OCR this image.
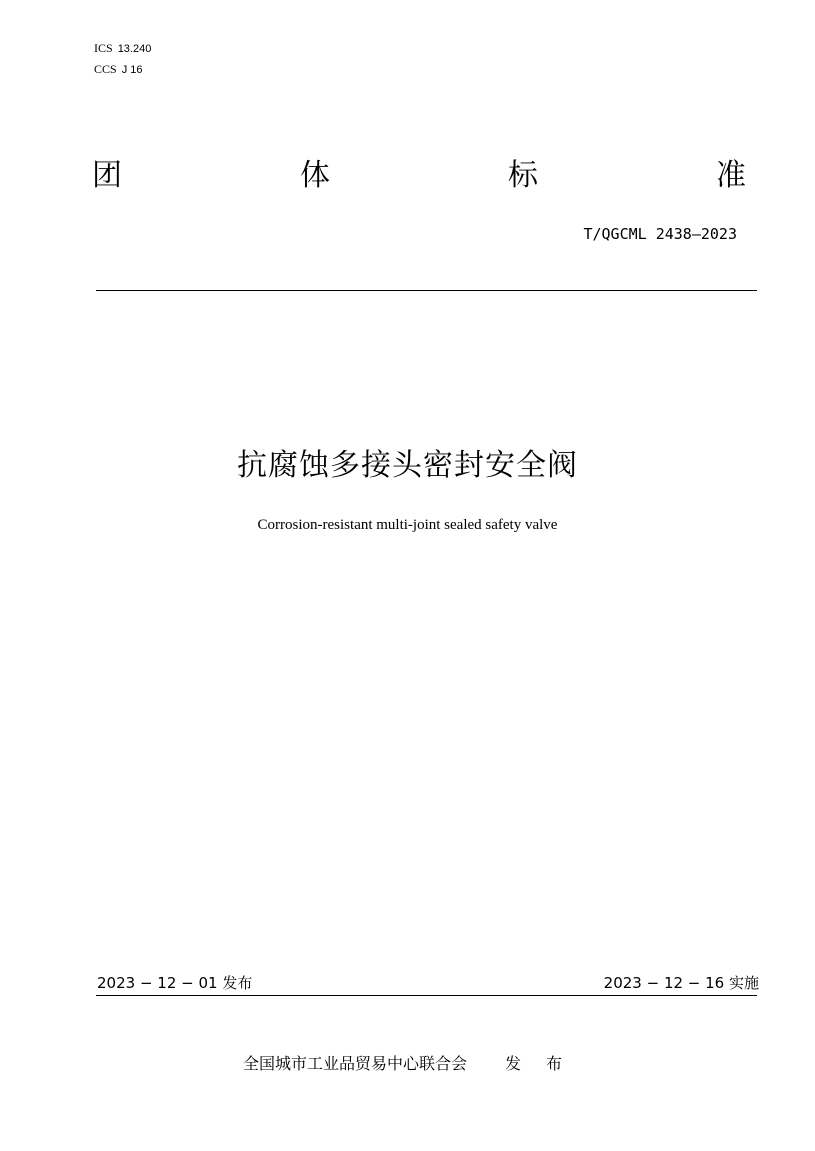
ICS 13.240
CCS J 16
团	体	标	准
T/QGCML 2438—2023
抗腐蚀多接头密封安全阀
Corrosion-resistant multi-joint sealed safety valve
2023 − 12 − 01 发布	2023 − 12 − 16 实施
全国城市工业品贸易中心联合会 发 布
